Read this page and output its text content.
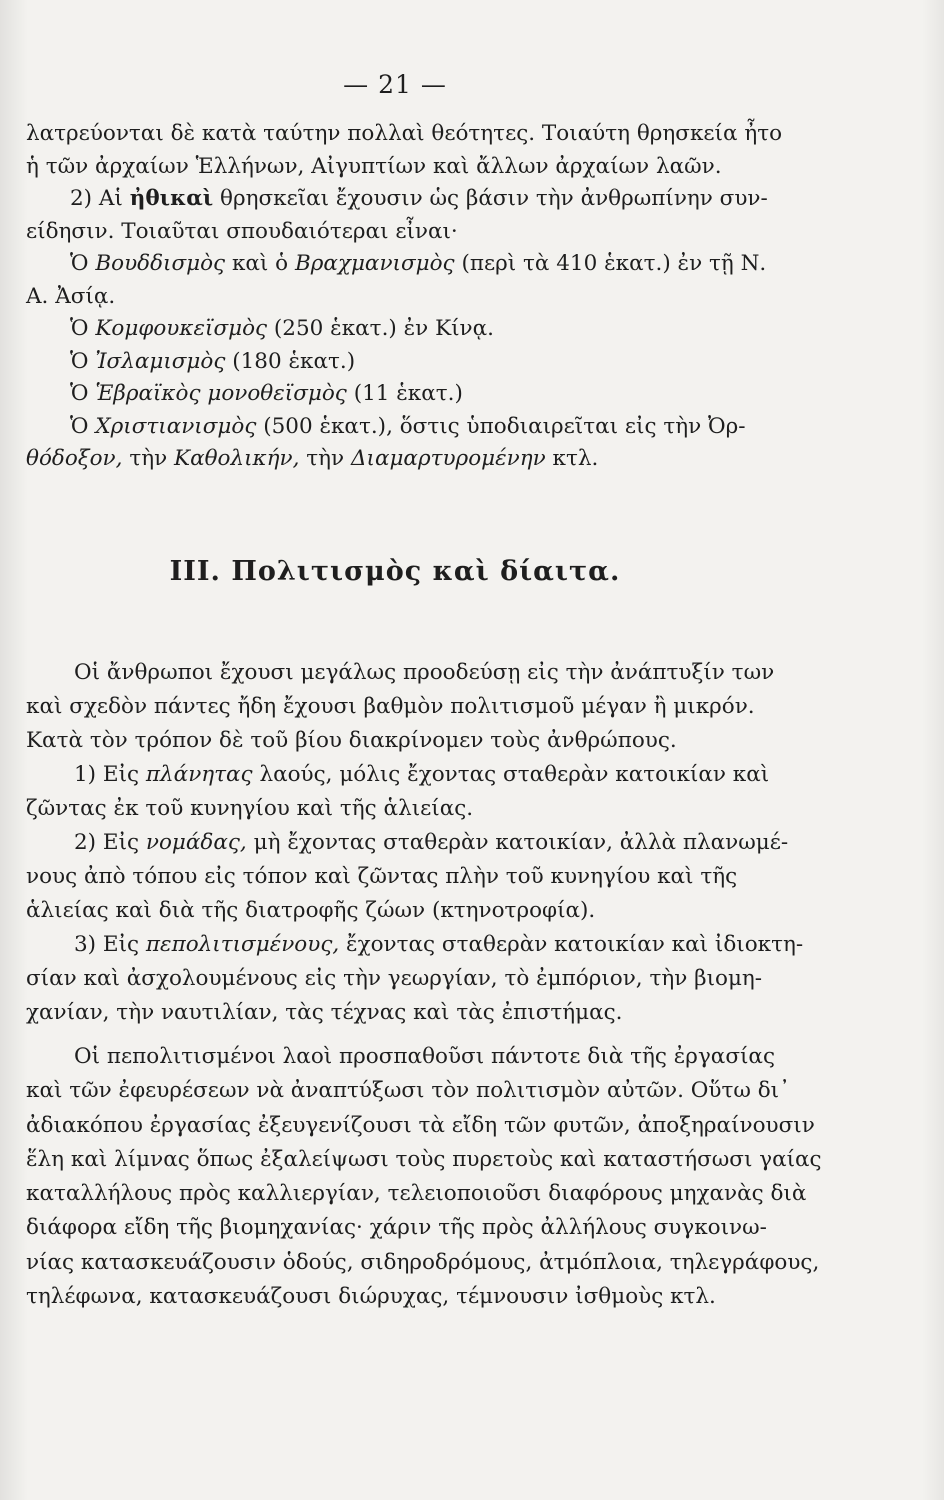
— 21 —
λατρεύονται δὲ κατὰ ταύτην πολλαὶ θεότητες. Τοιαύτη θρησκεία ἦτο
ἡ τῶν ἀρχαίων Ἑλλήνων, Αἰγυπτίων καὶ ἄλλων ἀρχαίων λαῶν.
2) Αἱ ἠθικαὶ θρησκεῖαι ἔχουσιν ὡς βάσιν τὴν ἀνθρωπίνην συν-
είδησιν. Τοιαῦται σπουδαιότεραι εἶναι·
Ὁ Βουδδισμὸς καὶ ὁ Βραχμανισμὸς (περὶ τὰ 410 ἑκατ.) ἐν τῇ Ν.
Α. Ἀσίᾳ.
Ὁ Κομφουκεϊσμὸς (250 ἑκατ.) ἐν Κίνᾳ.
Ὁ Ἰσλαμισμὸς (180 ἑκατ.)
Ὁ Ἑβραϊκὸς μονοθεϊσμὸς (11 ἑκατ.)
Ὁ Χριστιανισμὸς (500 ἑκατ.), ὅστις ὑποδιαιρεῖται εἰς τὴν Ὀρ-
θόδοξον, τὴν Καθολικήν, τὴν Διαμαρτυρομένην κτλ.
ΙΙΙ. Πολιτισμὸς καὶ δίαιτα.
Οἱ ἄνθρωποι ἔχουσι μεγάλως προοδεύσῃ εἰς τὴν ἀνάπτυξίν των
καὶ σχεδὸν πάντες ἤδη ἔχουσι βαθμὸν πολιτισμοῦ μέγαν ἢ μικρόν.
Κατὰ τὸν τρόπον δὲ τοῦ βίου διακρίνομεν τοὺς ἀνθρώπους.
1) Εἰς πλάνητας λαούς, μόλις ἔχοντας σταθερὰν κατοικίαν καὶ
ζῶντας ἐκ τοῦ κυνηγίου καὶ τῆς ἁλιείας.
2) Εἰς νομάδας, μὴ ἔχοντας σταθερὰν κατοικίαν, ἀλλὰ πλανωμέ-
νους ἀπὸ τόπου εἰς τόπον καὶ ζῶντας πλὴν τοῦ κυνηγίου καὶ τῆς
ἁλιείας καὶ διὰ τῆς διατροφῆς ζώων (κτηνοτροφία).
3) Εἰς πεπολιτισμένους, ἔχοντας σταθερὰν κατοικίαν καὶ ἰδιοκτη-
σίαν καὶ ἀσχολουμένους εἰς τὴν γεωργίαν, τὸ ἐμπόριον, τὴν βιομη-
χανίαν, τὴν ναυτιλίαν, τὰς τέχνας καὶ τὰς ἐπιστήμας.
Οἱ πεπολιτισμένοι λαοὶ προσπαθοῦσι πάντοτε διὰ τῆς ἐργασίας
καὶ τῶν ἐφευρέσεων νὰ ἀναπτύξωσι τὸν πολιτισμὸν αὐτῶν. Οὕτω δι᾽
ἀδιακόπου ἐργασίας ἐξευγενίζουσι τὰ εἴδη τῶν φυτῶν, ἀποξηραίνουσιν
ἕλη καὶ λίμνας ὅπως ἐξαλείψωσι τοὺς πυρετοὺς καὶ καταστήσωσι γαίας
καταλλήλους πρὸς καλλιεργίαν, τελειοποιοῦσι διαφόρους μηχανὰς διὰ
διάφορα εἴδη τῆς βιομηχανίας· χάριν τῆς πρὸς ἀλλήλους συγκοινω-
νίας κατασκευάζουσιν ὁδούς, σιδηροδρόμους, ἀτμόπλοια, τηλεγράφους,
τηλέφωνα, κατασκευάζουσι διώρυχας, τέμνουσιν ἰσθμοὺς κτλ.
